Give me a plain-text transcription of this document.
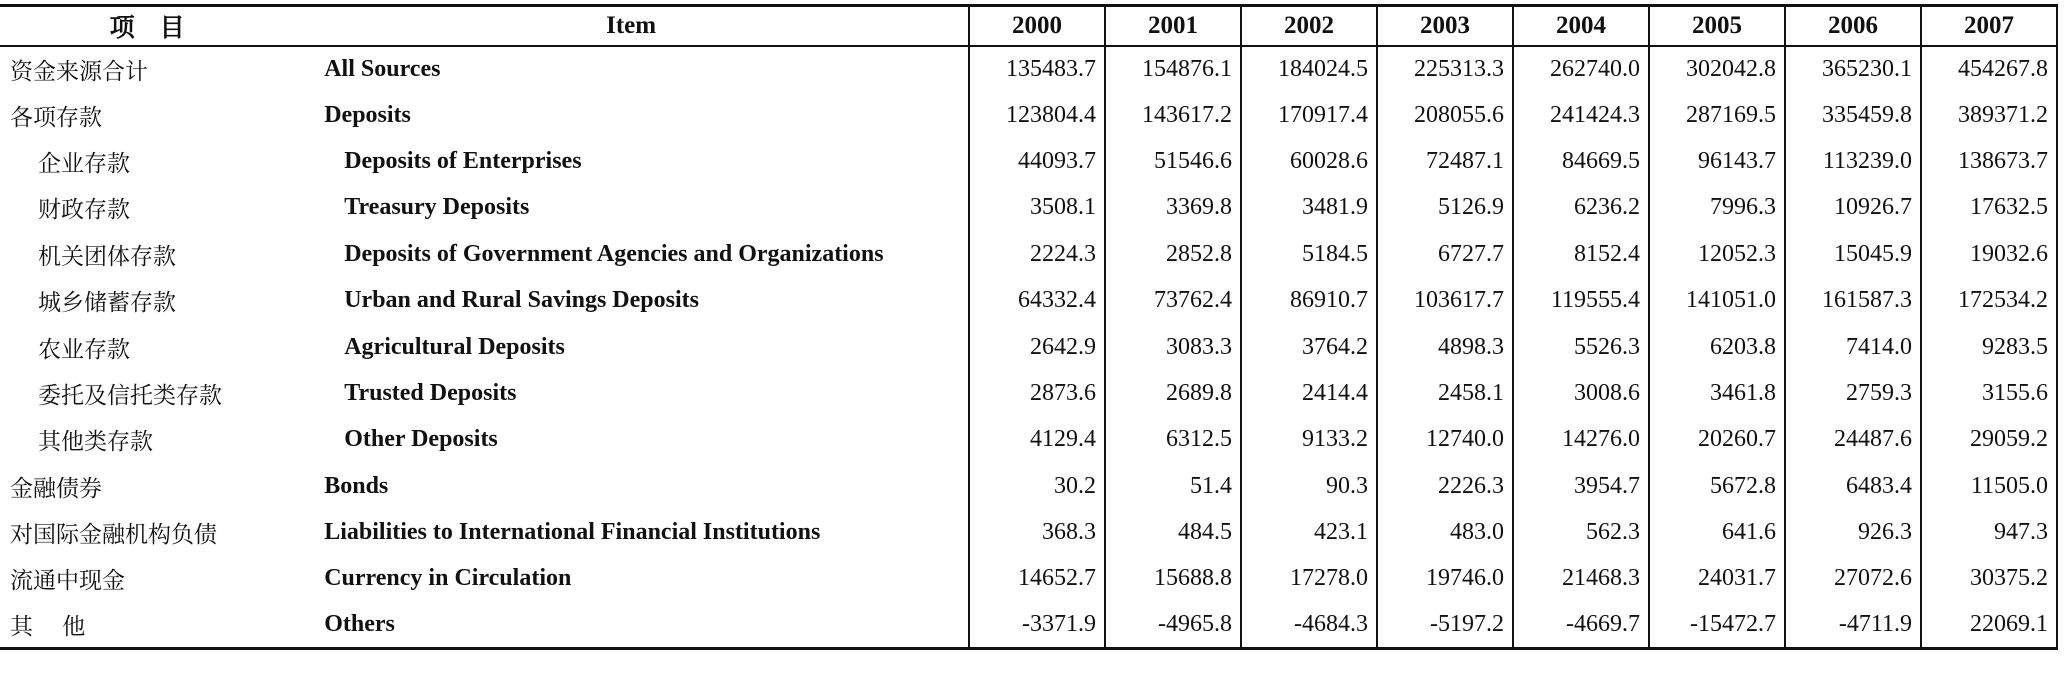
项    目	Item	2000	2001	2002	2003	2004	2005	2006	2007
资金来源合计	All Sources	135483.7	154876.1	184024.5	225313.3	262740.0	302042.8	365230.1	454267.8
各项存款	Deposits	123804.4	143617.2	170917.4	208055.6	241424.3	287169.5	335459.8	389371.2
企业存款	Deposits of Enterprises	44093.7	51546.6	60028.6	72487.1	84669.5	96143.7	113239.0	138673.7
财政存款	Treasury Deposits	3508.1	3369.8	3481.9	5126.9	6236.2	7996.3	10926.7	17632.5
机关团体存款	Deposits of Government Agencies and Organizations	2224.3	2852.8	5184.5	6727.7	8152.4	12052.3	15045.9	19032.6
城乡储蓄存款	Urban and Rural Savings Deposits	64332.4	73762.4	86910.7	103617.7	119555.4	141051.0	161587.3	172534.2
农业存款	Agricultural Deposits	2642.9	3083.3	3764.2	4898.3	5526.3	6203.8	7414.0	9283.5
委托及信托类存款	Trusted Deposits	2873.6	2689.8	2414.4	2458.1	3008.6	3461.8	2759.3	3155.6
其他类存款	Other Deposits	4129.4	6312.5	9133.2	12740.0	14276.0	20260.7	24487.6	29059.2
金融债券	Bonds	30.2	51.4	90.3	2226.3	3954.7	5672.8	6483.4	11505.0
对国际金融机构负债	Liabilities to International Financial Institutions	368.3	484.5	423.1	483.0	562.3	641.6	926.3	947.3
流通中现金	Currency in Circulation	14652.7	15688.8	17278.0	19746.0	21468.3	24031.7	27072.6	30375.2
其    他	Others	-3371.9	-4965.8	-4684.3	-5197.2	-4669.7	-15472.7	-4711.9	22069.1
